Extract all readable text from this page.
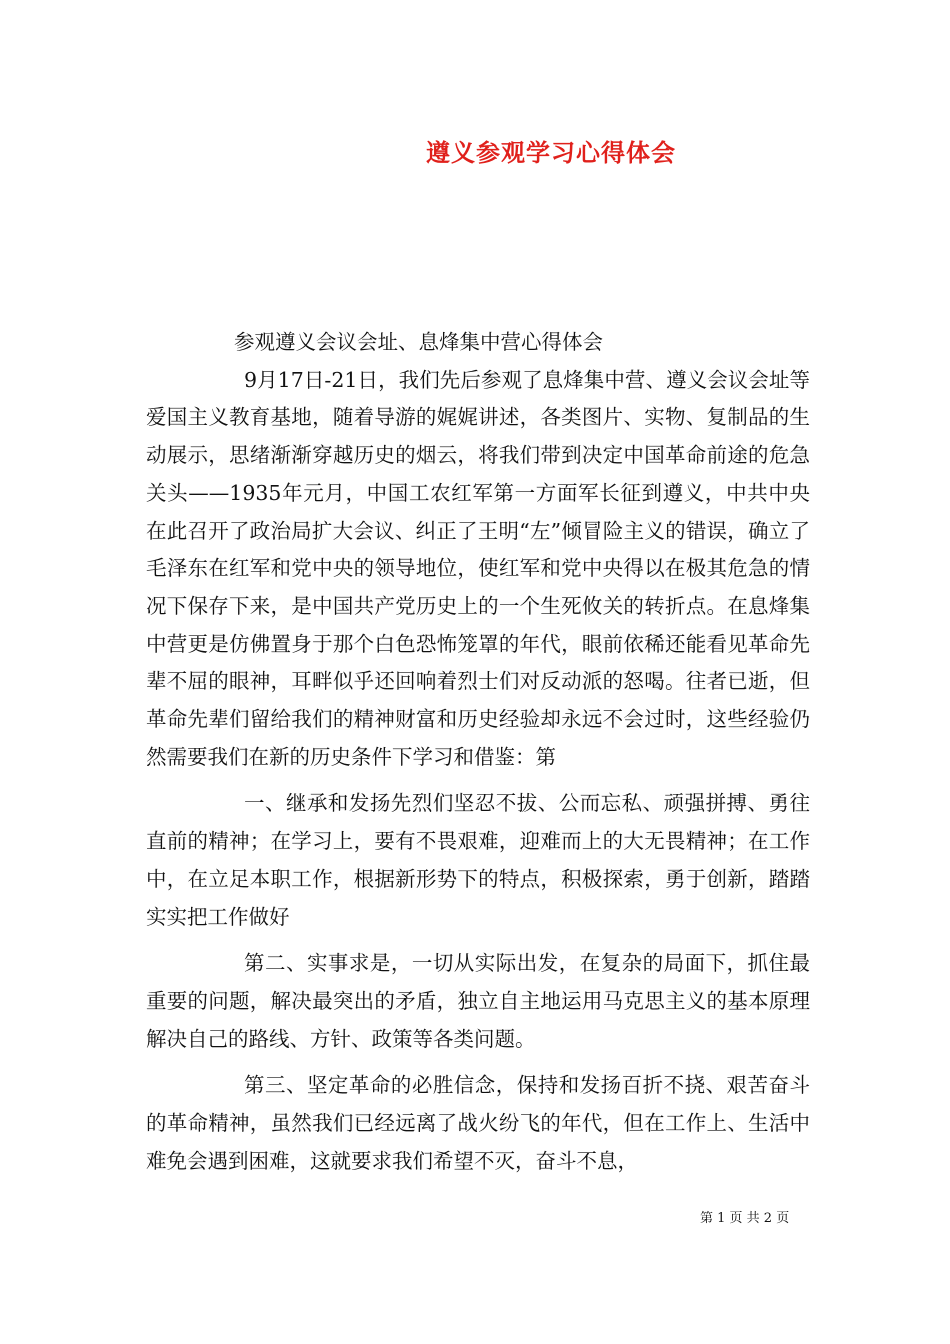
遵义参观学习心得体会

参观遵义会议会址、息烽集中营心得体会

9月17日-21日，我们先后参观了息烽集中营、遵义会议会址等爱国主义教育基地，随着导游的娓娓讲述，各类图片、实物、复制品的生动展示，思绪渐渐穿越历史的烟云，将我们带到决定中国革命前途的危急关头——1935年元月，中国工农红军第一方面军长征到遵义，中共中央在此召开了政治局扩大会议、纠正了王明“左”倾冒险主义的错误，确立了毛泽东在红军和党中央的领导地位，使红军和党中央得以在极其危急的情况下保存下来，是中国共产党历史上的一个生死攸关的转折点。在息烽集中营更是仿佛置身于那个白色恐怖笼罩的年代，眼前依稀还能看见革命先辈不屈的眼神，耳畔似乎还回响着烈士们对反动派的怒喝。往者已逝，但革命先辈们留给我们的精神财富和历史经验却永远不会过时，这些经验仍然需要我们在新的历史条件下学习和借鉴：第

一、继承和发扬先烈们坚忍不拔、公而忘私、顽强拼搏、勇往直前的精神；在学习上，要有不畏艰难，迎难而上的大无畏精神；在工作中，在立足本职工作，根据新形势下的特点，积极探索，勇于创新，踏踏实实把工作做好

第二、实事求是，一切从实际出发，在复杂的局面下，抓住最重要的问题，解决最突出的矛盾，独立自主地运用马克思主义的基本原理解决自己的路线、方针、政策等各类问题。

第三、坚定革命的必胜信念，保持和发扬百折不挠、艰苦奋斗的革命精神，虽然我们已经远离了战火纷飞的年代，但在工作上、生活中难免会遇到困难，这就要求我们希望不灭，奋斗不息，

第 1 页 共 2 页
